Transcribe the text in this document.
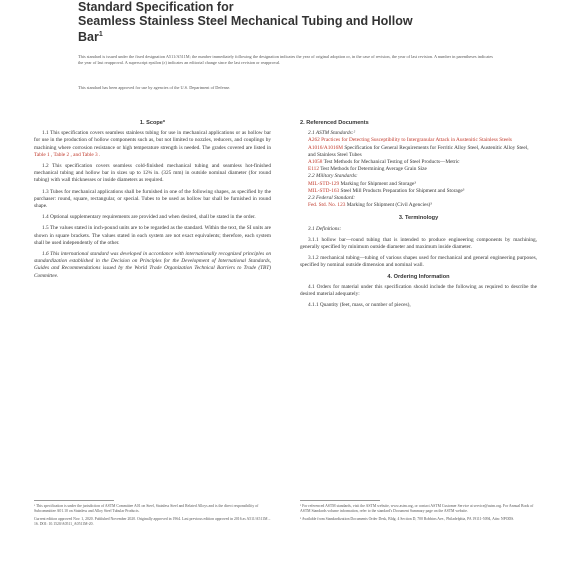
Standard Specification for
Seamless Stainless Steel Mechanical Tubing and Hollow
Bar$^1$
This standard is issued under the fixed designation A511/A511M; the number immediately following the designation indicates the year of original adoption or, in the case of revision, the year of last revision. A number in parentheses indicates the year of last reapproval. A superscript epsilon (ε) indicates an editorial change since the last revision or reapproval.
This standard has been approved for use by agencies of the U.S. Department of Defense.
1. Scope*

1.1 This specification covers seamless stainless tubing for use in mechanical applications or as hollow bar for use in the production of hollow components such as, but not limited to nozzles, reducers, and couplings by machining where corrosion resistance or high temperature strength is needed. The grades covered are listed in Table 1 , Table 2 , and Table 3 .

1.2 This specification covers seamless cold-finished mechanical tubing and seamless hot-finished mechanical tubing and hollow bar in sizes up to 12¾ in. (325 mm) in outside nominal diameter (for round tubing) with wall thicknesses or inside diameters as required.

1.3 Tubes for mechanical applications shall be furnished in one of the following shapes, as specified by the purchaser: round, square, rectangular, or special. Tubes to be used as hollow bar shall be furnished in round shape.

1.4 Optional supplementary requirements are provided and when desired, shall be stated in the order.

1.5 The values stated in inch-pound units are to be regarded as the standard. Within the text, the SI units are shown in square brackets. The values stated in each system are not exact equivalents; therefore, each system shall be used independently of the other.

1.6 This international standard was developed in accordance with internationally recognized principles on standardization established in the Decision on Principles for the Development of International Standards, Guides and Recommendations issued by the World Trade Organization Technical Barriers to Trade (TBT) Committee.

¹ This specification is under the jurisdiction of ASTM Committee A01 on Steel, Stainless Steel and Related Alloys and is the direct responsibility of Subcommittee A01.10 on Stainless and Alloy Steel Tubular Products.
Current edition approved Nov. 1, 2020. Published November 2020. Originally approved in 1964. Last previous edition approved in 2016 as A511/A511M – 16. DOI: 10.1520/A0511_A0511M-20.
2. Referenced Documents
2.1 ASTM Standards:²
A262 Practices for Detecting Susceptibility to Intergranular Attack in Austenitic Stainless Steels
A1016/A1016M Specification for General Requirements for Ferritic Alloy Steel, Austenitic Alloy Steel, and Stainless Steel Tubes
A1058 Test Methods for Mechanical Testing of Steel Products—Metric
E112 Test Methods for Determining Average Grain Size
2.2 Military Standards:
MIL-STD-129 Marking for Shipment and Storage³
MIL-STD-163 Steel Mill Products Preparation for Shipment and Storage³
2.3 Federal Standard:
Fed. Std. No. 123 Marking for Shipment (Civil Agencies)³
3. Terminology

3.1 Definitions:

3.1.1 hollow bar—round tubing that is intended to produce engineering components by machining, generally specified by minimum outside diameter and maximum inside diameter.

3.1.2 mechanical tubing—tubing of various shapes used for mechanical and general engineering purposes, specified by nominal outside dimension and nominal wall.

4. Ordering Information

4.1 Orders for material under this specification should include the following as required to describe the desired material adequately:

4.1.1 Quantity (feet, mass, or number of pieces),

² For referenced ASTM standards, visit the ASTM website, www.astm.org, or contact ASTM Customer Service at service@astm.org. For Annual Book of ASTM Standards volume information, refer to the standard's Document Summary page on the ASTM website.
³ Available from Standardization Documents Order Desk, Bldg. 4 Section D, 700 Robbins Ave., Philadelphia, PA 19111-5094, Attn: NPODS.
